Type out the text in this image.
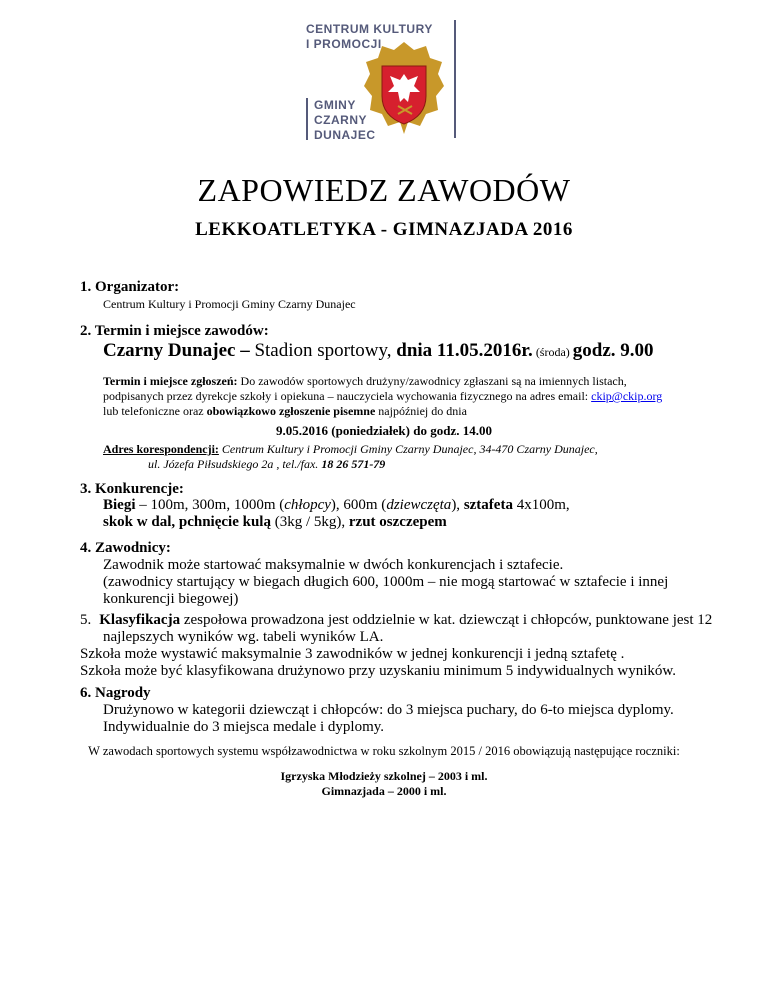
CENTRUM KULTURY
I PROMOCJI
GMINY
CZARNY
DUNAJEC
ZAPOWIEDZ ZAWODÓW
LEKKOATLETYKA - GIMNAZJADA 2016
1. Organizator:
Centrum Kultury i Promocji Gminy Czarny Dunajec
2. Termin i miejsce zawodów:
Czarny Dunajec – Stadion sportowy, dnia 11.05.2016r. (środa) godz. 9.00
Termin i miejsce zgłoszeń: Do zawodów sportowych drużyny/zawodnicy zgłaszani są na imiennych listach,
podpisanych przez dyrekcje szkoły i opiekuna – nauczyciela wychowania fizycznego na adres email: ckip@ckip.org
lub telefoniczne oraz obowiązkowo zgłoszenie pisemne najpóźniej do dnia
9.05.2016 (poniedziałek) do godz. 14.00
Adres korespondencji: Centrum Kultury i Promocji Gminy Czarny Dunajec, 34-470 Czarny Dunajec,
ul. Józefa Piłsudskiego 2a , tel./fax. 18 26 571-79
3. Konkurencje:
Biegi – 100m, 300m, 1000m (chłopcy), 600m (dziewczęta), sztafeta 4x100m,
skok w dal, pchnięcie kulą (3kg / 5kg), rzut oszczepem
4. Zawodnicy:
Zawodnik może startować maksymalnie w dwóch konkurencjach i sztafecie.
(zawodnicy startujący w biegach długich 600, 1000m – nie mogą startować w sztafecie i innej
konkurencji biegowej)
5. Klasyfikacja zespołowa prowadzona jest oddzielnie w kat. dziewcząt i chłopców, punktowane jest 12
najlepszych wyników wg. tabeli wyników LA.
Szkoła może wystawić maksymalnie 3 zawodników w jednej konkurencji i jedną sztafetę .
Szkoła może być klasyfikowana drużynowo przy uzyskaniu minimum 5 indywidualnych wyników.
6. Nagrody
Drużynowo w kategorii dziewcząt i chłopców: do 3 miejsca puchary, do 6-to miejsca dyplomy.
Indywidualnie do 3 miejsca medale i dyplomy.
W zawodach sportowych systemu współzawodnictwa w roku szkolnym 2015 / 2016 obowiązują następujące roczniki:
Igrzyska Młodzieży szkolnej – 2003 i ml.
Gimnazjada – 2000 i ml.
